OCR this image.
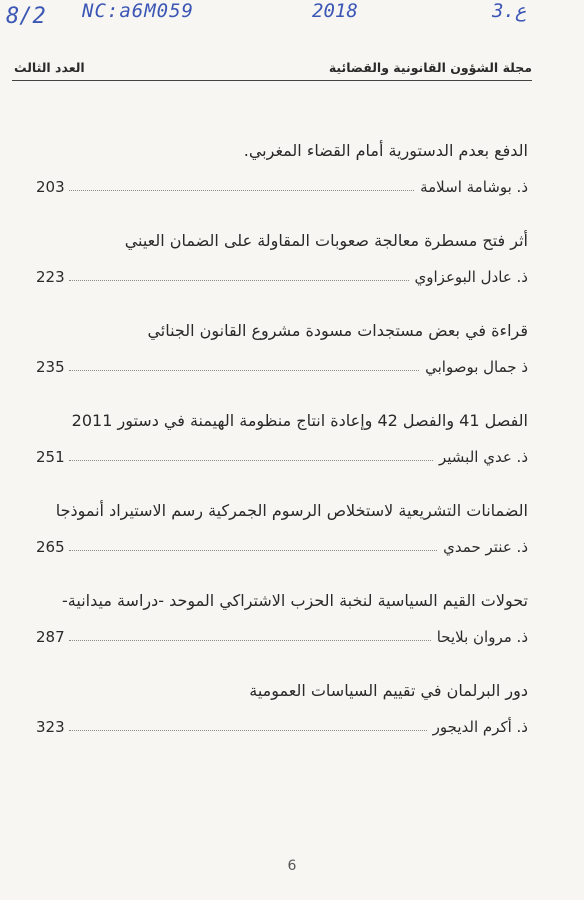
8/2 NC:a6M059	2018	ع.3
مجلة الشؤون القانونية والقضائية
العدد الثالث
الدفع بعدم الدستورية أمام القضاء المغربي.
203	ذ. بوشامة اسلامة
أثر فتح مسطرة معالجة صعوبات المقاولة على الضمان العيني
223	ذ. عادل البوعزاوي
قراءة في بعض مستجدات مسودة مشروع القانون الجنائي
235	ذ جمال بوصوابي
الفصل 41 والفصل 42 وإعادة انتاج منظومة الهيمنة في دستور 2011
251	ذ. عدي البشير
الضمانات التشريعية لاستخلاص الرسوم الجمركية رسم الاستيراد أنموذجا
265	ذ. عنتر حمدي
تحولات القيم السياسية لنخبة الحزب الاشتراكي الموحد -دراسة ميدانية-
287	ذ. مروان بلايحا
دور البرلمان في تقييم السياسات العمومية
323	ذ. أكرم الديجور
6
